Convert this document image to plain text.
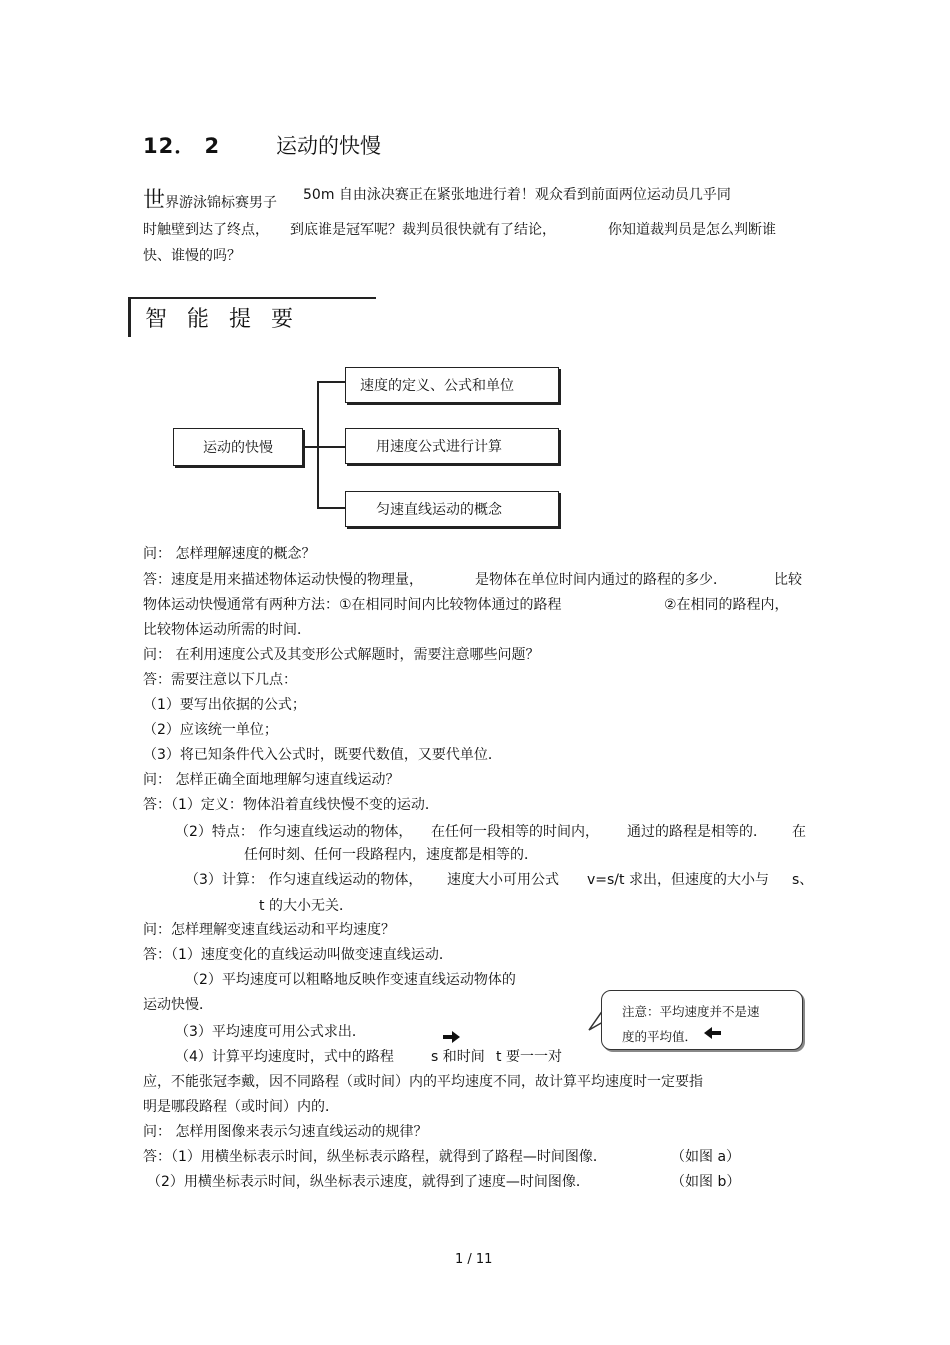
12． 2	运动的快慢
世界游泳锦标赛男子 50m 自由泳决赛正在紧张地进行着！观众看到前面两位运动员几乎同
时触壁到达了终点， 到底谁是冠军呢？裁判员很快就有了结论，	你知道裁判员是怎么判断谁
快、谁慢的吗？
智能提要
运动的快慢
速度的定义、公式和单位
用速度公式进行计算
匀速直线运动的概念
问： 怎样理解速度的概念？
答：速度是用来描述物体运动快慢的物理量，	是物体在单位时间内通过的路程的多少．	比较
物体运动快慢通常有两种方法：①在相同时间内比较物体通过的路程	②在相同的路程内，
比较物体运动所需的时间．
问： 在利用速度公式及其变形公式解题时，需要注意哪些问题？
答：需要注意以下几点：
（1）要写出依据的公式；
（2）应该统一单位；
（3）将已知条件代入公式时，既要代数值，又要代单位．
问： 怎样正确全面地理解匀速直线运动？
答：（1）定义：物体沿着直线快慢不变的运动．
（2）特点： 作匀速直线运动的物体， 在任何一段相等的时间内， 通过的路程是相等的． 在
任何时刻、任何一段路程内，速度都是相等的．
（3）计算： 作匀速直线运动的物体， 速度大小可用公式 v=s/t 求出， 但速度的大小与 s、
t 的大小无关．
问：怎样理解变速直线运动和平均速度？
答：（1）速度变化的直线运动叫做变速直线运动．
（2）平均速度可以粗略地反映作变速直线运动物体的
运动快慢．
（3）平均速度可用公式求出．
（4）计算平均速度时，式中的路程	s 和时间 t 要一一对
应，不能张冠李戴，因不同路程（或时间）内的平均速度不同，故计算平均速度时一定要指
明是哪段路程（或时间）内的．
问： 怎样用图像来表示匀速直线运动的规律？
答：（1）用横坐标表示时间，纵坐标表示路程，就得到了路程—时间图像．	（如图 a）
（2）用横坐标表示时间，纵坐标表示速度，就得到了速度—时间图像．	（如图 b）
注意：平均速度并不是速
度的平均值．
1 / 11
